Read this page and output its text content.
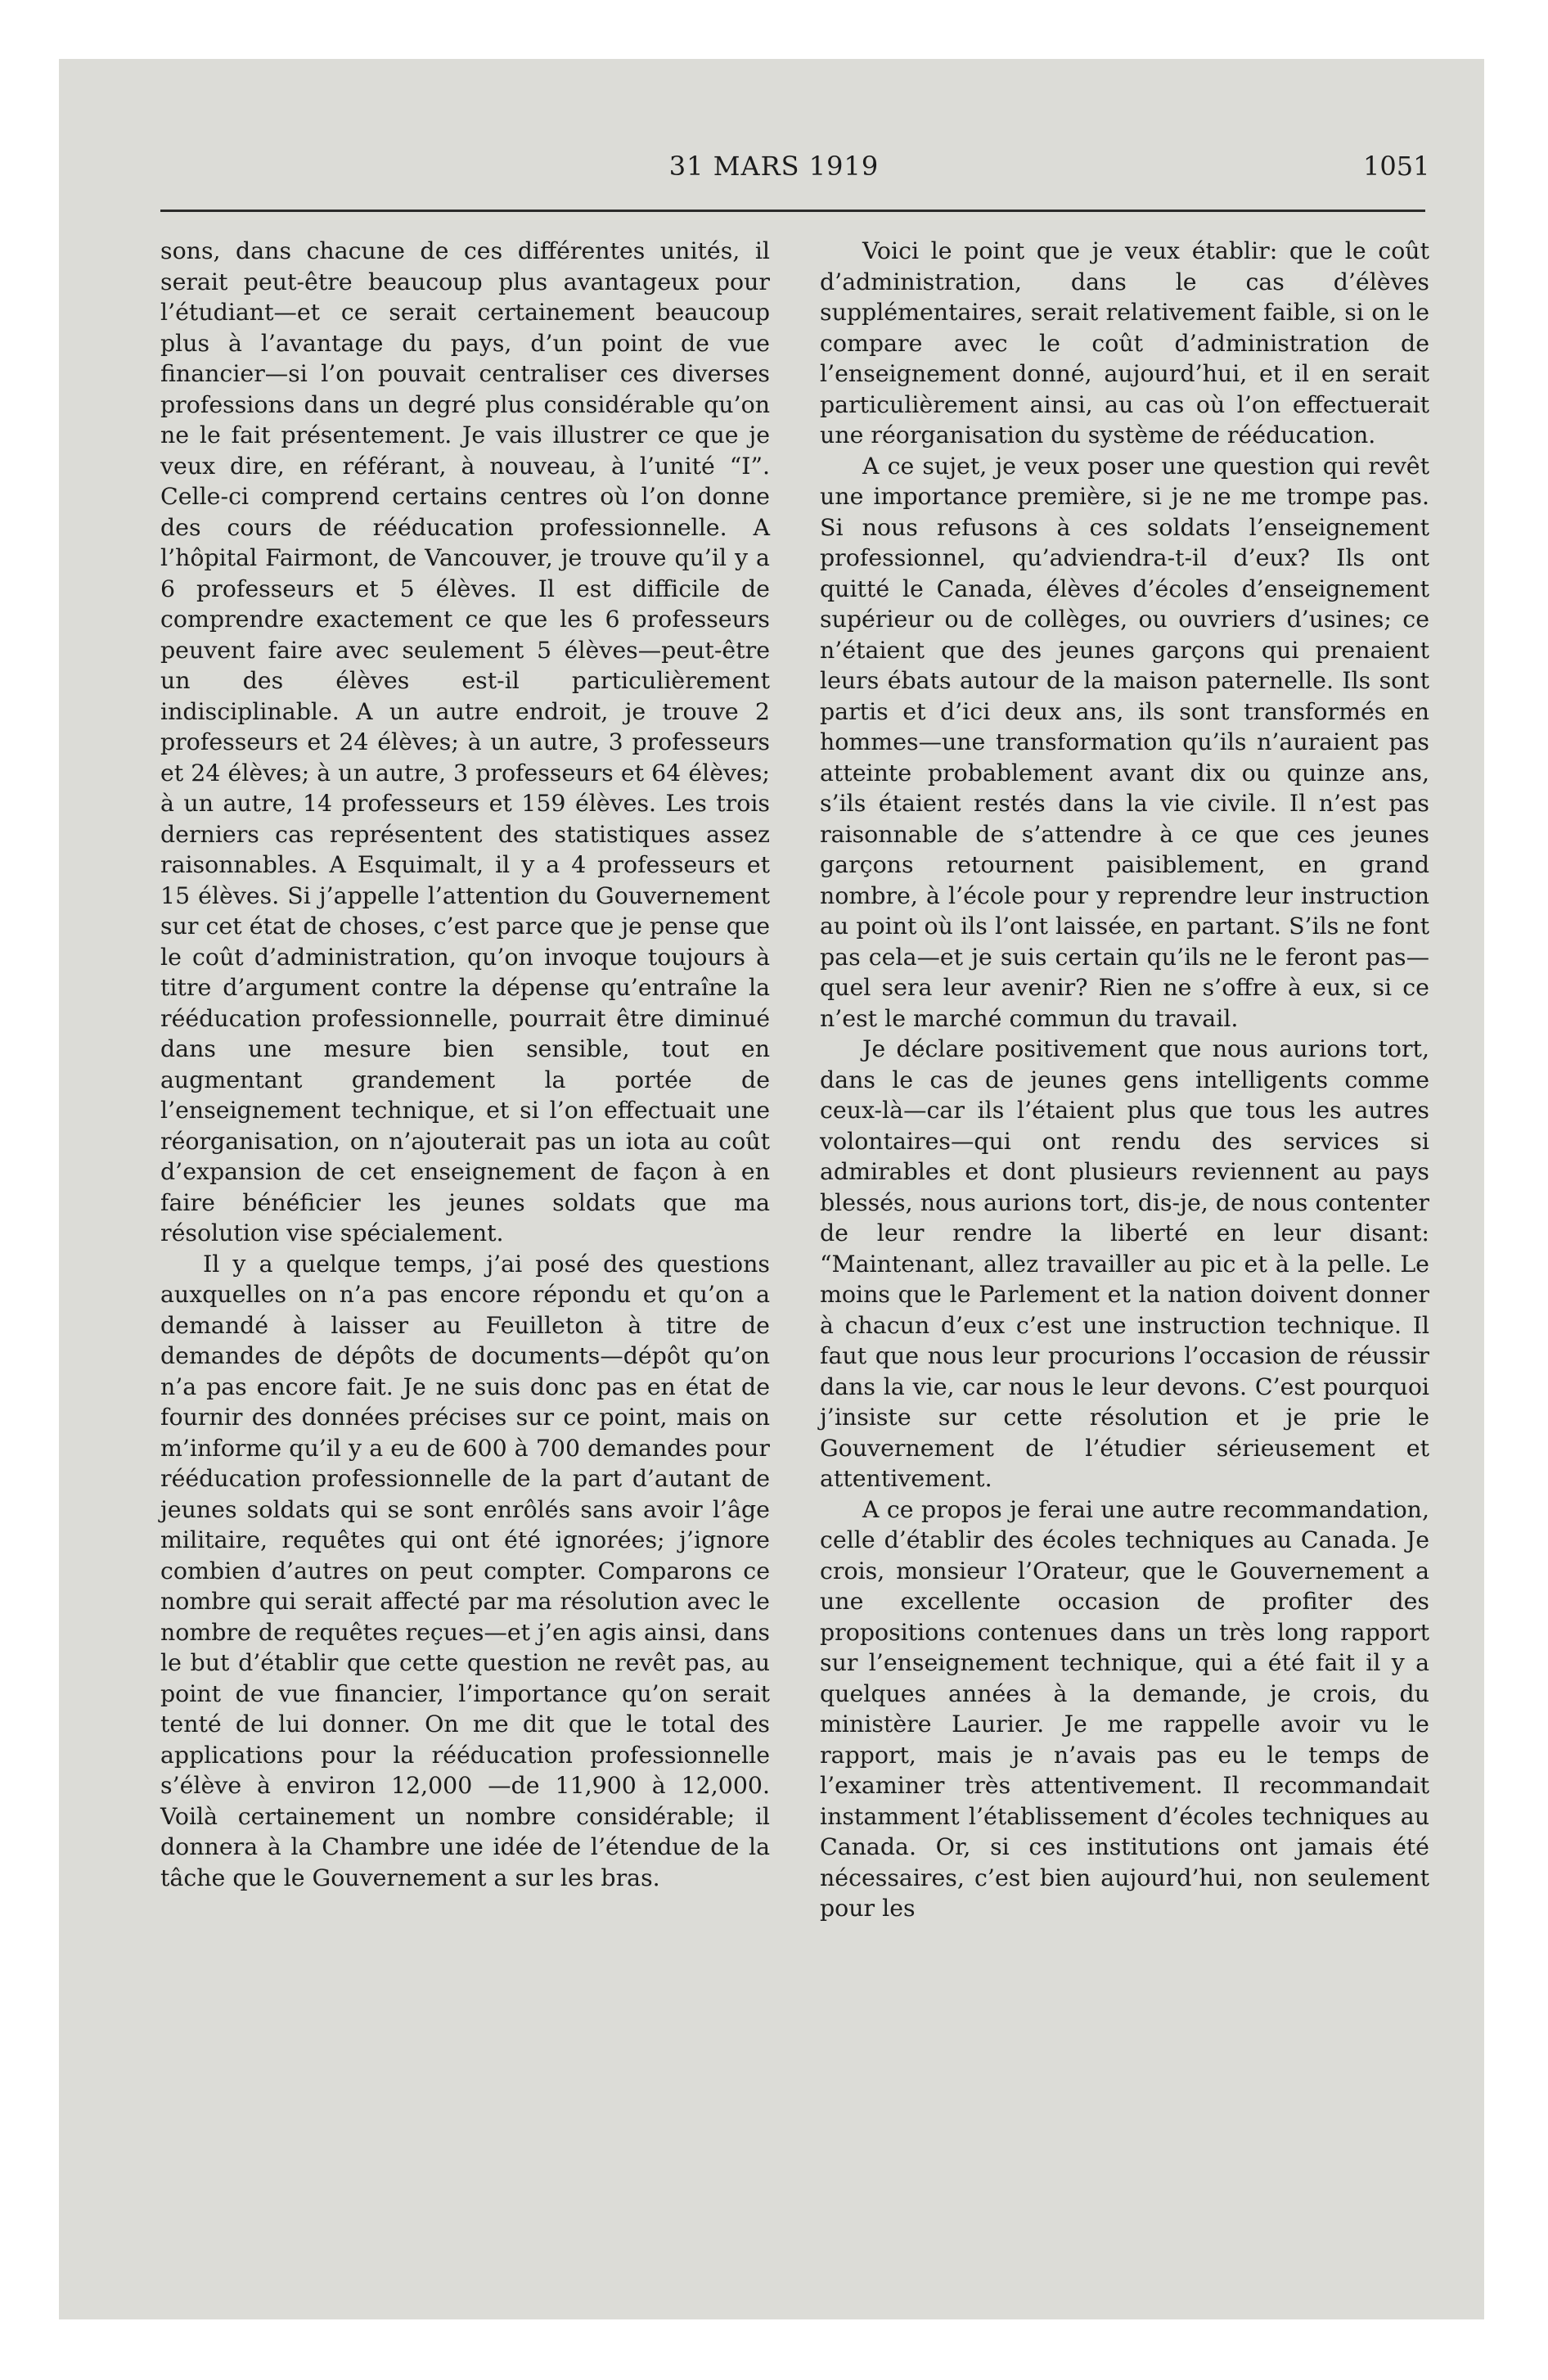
31 MARS 1919	1051

sons, dans chacune de ces différentes unités, il serait peut-être beaucoup plus avantageux pour l’étudiant—et ce serait certainement beaucoup plus à l’avantage du pays, d’un point de vue financier—si l’on pouvait centraliser ces diverses professions dans un degré plus considérable qu’on ne le fait présentement. Je vais illustrer ce que je veux dire, en référant, à nouveau, à l’unité “I”. Celle-ci comprend certains centres où l’on donne des cours de rééducation professionnelle. A l’hôpital Fairmont, de Vancouver, je trouve qu’il y a 6 professeurs et 5 élèves. Il est difficile de comprendre exactement ce que les 6 professeurs peuvent faire avec seulement 5 élèves—peut-être un des élèves est-il particulièrement indisciplinable. A un autre endroit, je trouve 2 professeurs et 24 élèves; à un autre, 3 professeurs et 24 élèves; à un autre, 3 professeurs et 64 élèves; à un autre, 14 professeurs et 159 élèves. Les trois derniers cas représentent des statistiques assez raisonnables. A Esquimalt, il y a 4 professeurs et 15 élèves. Si j’appelle l’attention du Gouvernement sur cet état de choses, c’est parce que je pense que le coût d’administration, qu’on invoque toujours à titre d’argument contre la dépense qu’entraîne la rééducation professionnelle, pourrait être diminué dans une mesure bien sensible, tout en augmentant grandement la portée de l’enseignement technique, et si l’on effectuait une réorganisation, on n’ajouterait pas un iota au coût d’expansion de cet enseignement de façon à en faire bénéficier les jeunes soldats que ma résolution vise spécialement.

Il y a quelque temps, j’ai posé des questions auxquelles on n’a pas encore répondu et qu’on a demandé à laisser au Feuilleton à titre de demandes de dépôts de documents—dépôt qu’on n’a pas encore fait. Je ne suis donc pas en état de fournir des données précises sur ce point, mais on m’informe qu’il y a eu de 600 à 700 demandes pour rééducation professionnelle de la part d’autant de jeunes soldats qui se sont enrôlés sans avoir l’âge militaire, requêtes qui ont été ignorées; j’ignore combien d’autres on peut compter. Comparons ce nombre qui serait affecté par ma résolution avec le nombre de requêtes reçues—et j’en agis ainsi, dans le but d’établir que cette question ne revêt pas, au point de vue financier, l’importance qu’on serait tenté de lui donner. On me dit que le total des applications pour la rééducation professionnelle s’élève à environ 12,000 —de 11,900 à 12,000. Voilà certainement un nombre considérable; il donnera à la Chambre une idée de l’étendue de la tâche que le Gouvernement a sur les bras.

Voici le point que je veux établir: que le coût d’administration, dans le cas d’élèves supplémentaires, serait relativement faible, si on le compare avec le coût d’administration de l’enseignement donné, aujourd’hui, et il en serait particulièrement ainsi, au cas où l’on effectuerait une réorganisation du système de rééducation.

A ce sujet, je veux poser une question qui revêt une importance première, si je ne me trompe pas. Si nous refusons à ces soldats l’enseignement professionnel, qu’adviendra-t-il d’eux? Ils ont quitté le Canada, élèves d’écoles d’enseignement supérieur ou de collèges, ou ouvriers d’usines; ce n’étaient que des jeunes garçons qui prenaient leurs ébats autour de la maison paternelle. Ils sont partis et d’ici deux ans, ils sont transformés en hommes—une transformation qu’ils n’auraient pas atteinte probablement avant dix ou quinze ans, s’ils étaient restés dans la vie civile. Il n’est pas raisonnable de s’attendre à ce que ces jeunes garçons retournent paisiblement, en grand nombre, à l’école pour y reprendre leur instruction au point où ils l’ont laissée, en partant. S’ils ne font pas cela—et je suis certain qu’ils ne le feront pas—quel sera leur avenir? Rien ne s’offre à eux, si ce n’est le marché commun du travail.

Je déclare positivement que nous aurions tort, dans le cas de jeunes gens intelligents comme ceux-là—car ils l’étaient plus que tous les autres volontaires—qui ont rendu des services si admirables et dont plusieurs reviennent au pays blessés, nous aurions tort, dis-je, de nous contenter de leur rendre la liberté en leur disant: “Maintenant, allez travailler au pic et à la pelle. Le moins que le Parlement et la nation doivent donner à chacun d’eux c’est une instruction technique. Il faut que nous leur procurions l’occasion de réussir dans la vie, car nous le leur devons. C’est pourquoi j’insiste sur cette résolution et je prie le Gouvernement de l’étudier sérieusement et attentivement.

A ce propos je ferai une autre recommandation, celle d’établir des écoles techniques au Canada. Je crois, monsieur l’Orateur, que le Gouvernement a une excellente occasion de profiter des propositions contenues dans un très long rapport sur l’enseignement technique, qui a été fait il y a quelques années à la demande, je crois, du ministère Laurier. Je me rappelle avoir vu le rapport, mais je n’avais pas eu le temps de l’examiner très attentivement. Il recommandait instamment l’établissement d’écoles techniques au Canada. Or, si ces institutions ont jamais été nécessaires, c’est bien aujourd’hui, non seulement pour les
